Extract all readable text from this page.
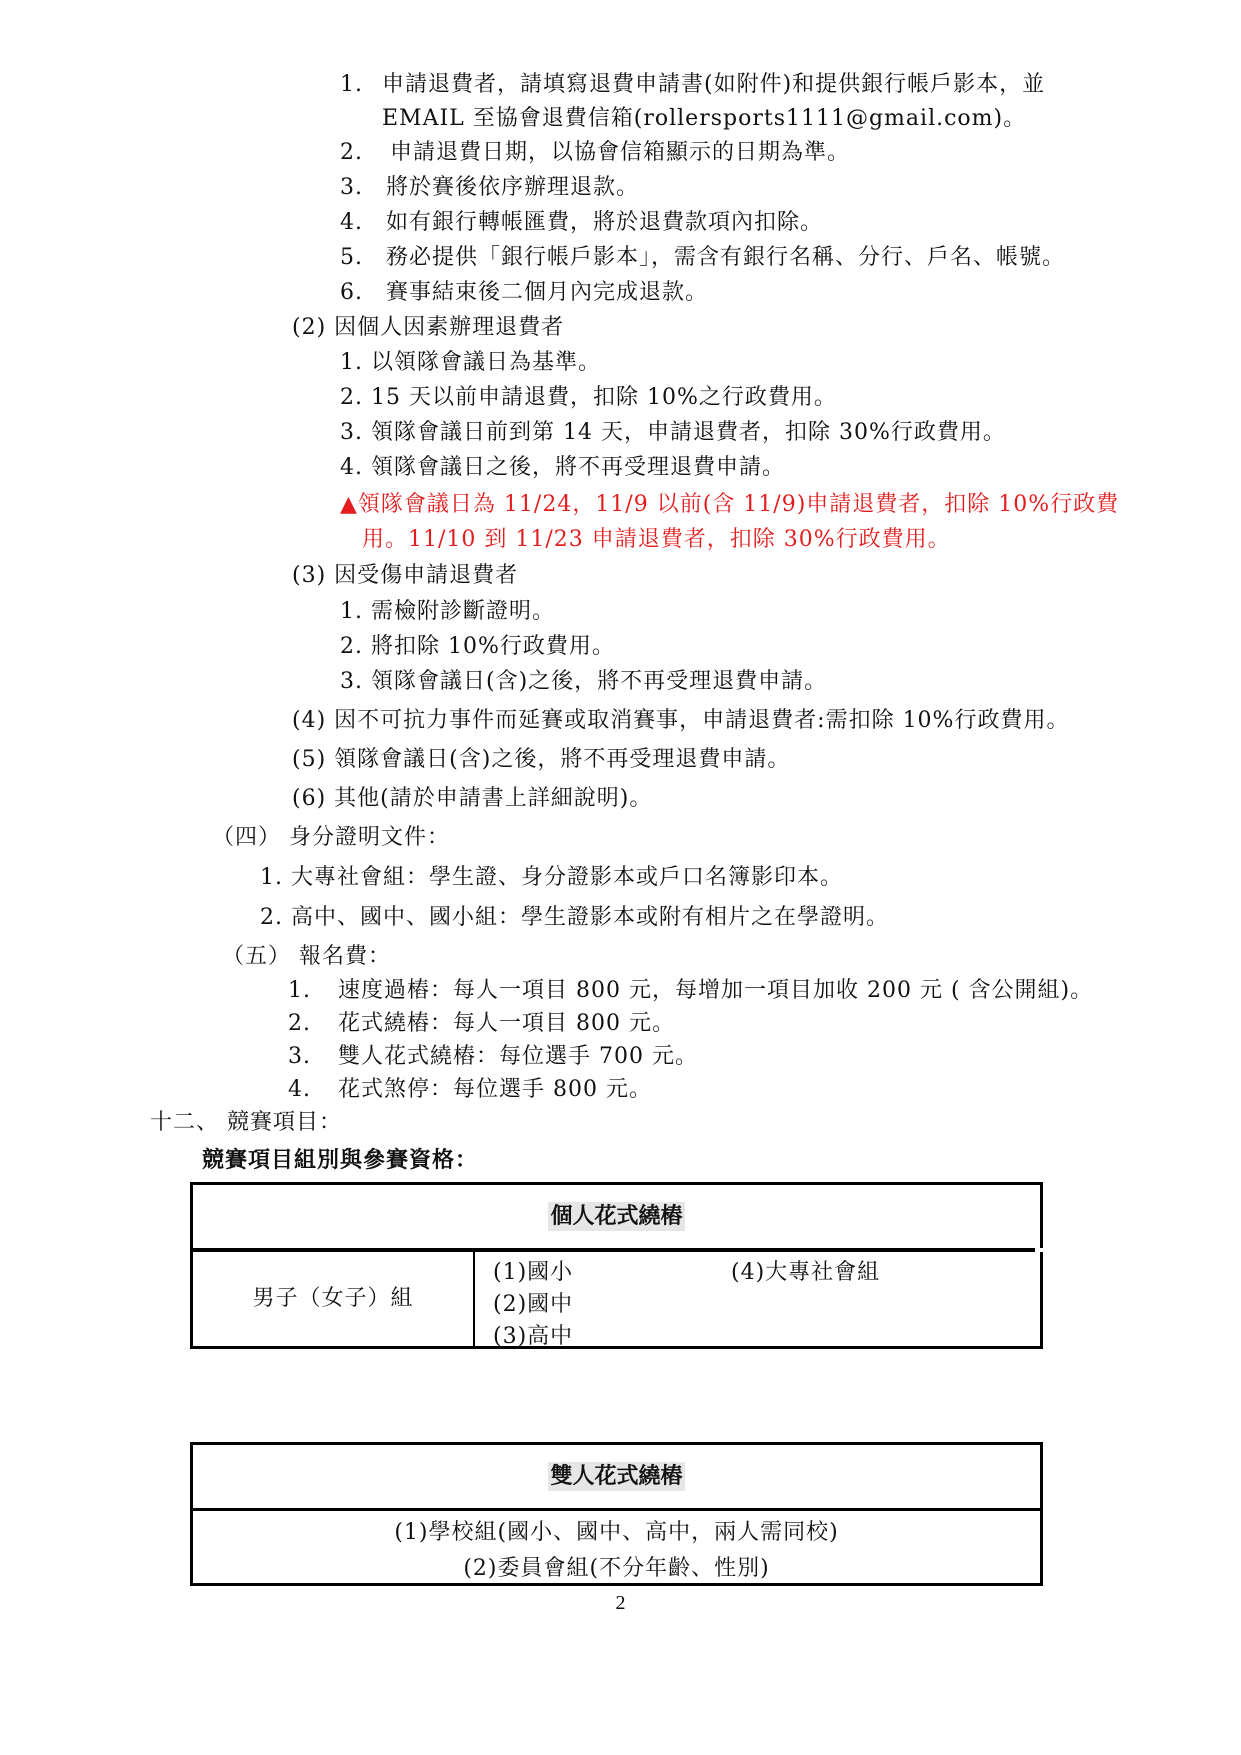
1. 申請退費者，請填寫退費申請書(如附件)和提供銀行帳戶影本，並
EMAIL 至協會退費信箱(rollersports1111@gmail.com)。
2. 申請退費日期，以協會信箱顯示的日期為準。
3. 將於賽後依序辦理退款。
4. 如有銀行轉帳匯費，將於退費款項內扣除。
5. 務必提供「銀行帳戶影本」，需含有銀行名稱、分行、戶名、帳號。
6. 賽事結束後二個月內完成退款。
(2) 因個人因素辦理退費者
1. 以領隊會議日為基準。
2. 15 天以前申請退費，扣除 10%之行政費用。
3. 領隊會議日前到第 14 天，申請退費者，扣除 30%行政費用。
4. 領隊會議日之後，將不再受理退費申請。
▲領隊會議日為 11/24，11/9 以前(含 11/9)申請退費者，扣除 10%行政費
用。11/10 到 11/23 申請退費者，扣除 30%行政費用。
(3) 因受傷申請退費者
1. 需檢附診斷證明。
2. 將扣除 10%行政費用。
3. 領隊會議日(含)之後，將不再受理退費申請。
(4) 因不可抗力事件而延賽或取消賽事，申請退費者:需扣除 10%行政費用。
(5) 領隊會議日(含)之後，將不再受理退費申請。
(6) 其他(請於申請書上詳細說明)。
（四） 身分證明文件：
1. 大專社會組：學生證、身分證影本或戶口名簿影印本。
2. 高中、國中、國小組：學生證影本或附有相片之在學證明。
（五） 報名費：
1. 速度過樁：每人一項目 800 元，每增加一項目加收 200 元 ( 含公開組)。
2. 花式繞樁：每人一項目 800 元。
3. 雙人花式繞樁：每位選手 700 元。
4. 花式煞停：每位選手 800 元。
十二、 競賽項目：
競賽項目組別與參賽資格：
個人花式繞樁
男子（女子）組
(1)國小
(2)國中
(3)高中
(4)大專社會組
雙人花式繞樁
(1)學校組(國小、國中、高中，兩人需同校)
(2)委員會組(不分年齡、性別)
2
